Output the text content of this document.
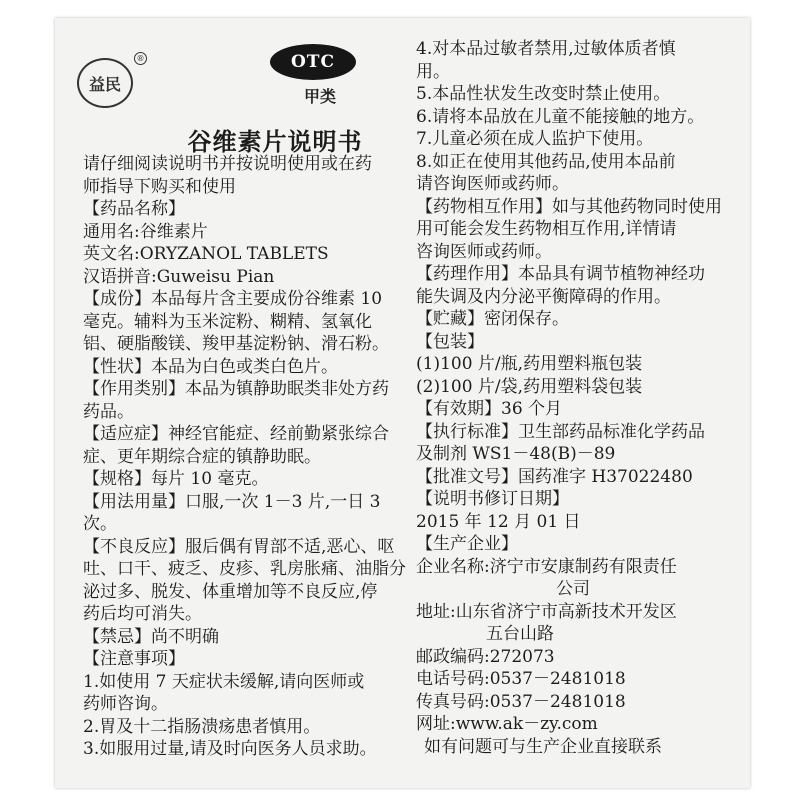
益民
®	OTC
甲类
谷维素片说明书
请仔细阅读说明书并按说明使用或在药
师指导下购买和使用
【药品名称】
通用名:谷维素片
英文名:ORYZANOL TABLETS
汉语拼音:Guweisu Pian
【成份】本品每片含主要成份谷维素 10
毫克。辅料为玉米淀粉、糊精、氢氧化
铝、硬脂酸镁、羧甲基淀粉钠、滑石粉。
【性状】本品为白色或类白色片。
【作用类别】本品为镇静助眠类非处方药
药品。
【适应症】神经官能症、经前勤紧张综合
症、更年期综合症的镇静助眠。
【规格】每片 10 毫克。
【用法用量】口服,一次 1－3 片,一日 3
次。
【不良反应】服后偶有胃部不适,恶心、呕
吐、口干、疲乏、皮疹、乳房胀痛、油脂分
泌过多、脱发、体重增加等不良反应,停
药后均可消失。
【禁忌】尚不明确
【注意事项】
1.如使用 7 天症状未缓解,请向医师或
药师咨询。
2.胃及十二指肠溃疡患者慎用。
3.如服用过量,请及时向医务人员求助。
4.对本品过敏者禁用,过敏体质者慎
用。
5.本品性状发生改变时禁止使用。
6.请将本品放在儿童不能接触的地方。
7.儿童必须在成人监护下使用。
8.如正在使用其他药品,使用本品前
请咨询医师或药师。
【药物相互作用】如与其他药物同时使用
用可能会发生药物相互作用,详情请
咨询医师或药师。
【药理作用】本品具有调节植物神经功
能失调及内分泌平衡障碍的作用。
【贮藏】密闭保存。
【包装】
(1)100 片/瓶,药用塑料瓶包装
(2)100 片/袋,药用塑料袋包装
【有效期】36 个月
【执行标准】卫生部药品标准化学药品
及制剂 WS1－48(B)－89
【批准文号】国药准字 H37022480
【说明书修订日期】
2015 年 12 月 01 日
【生产企业】
企业名称:济宁市安康制药有限责任
公司
地址:山东省济宁市高新技术开发区
五台山路
邮政编码:272073
电话号码:0537－2481018
传真号码:0537－2481018
网址:www.ak－zy.com
如有问题可与生产企业直接联系
